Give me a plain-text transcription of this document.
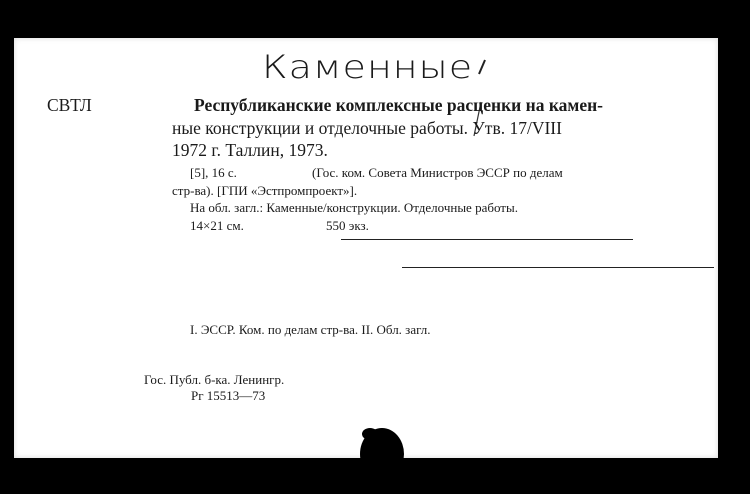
Каменные
СВТЛ	Республиканские комплексные расценки на камен-
ные конструкции и отделочные работы. Утв. 17/VIII
1972 г. Таллин, 1973.
[5], 16 с.	(Гос. ком. Совета Министров ЭССР по делам
стр-ва). [ГПИ «Эстпромпроект»].
На обл. загл.: Каменные/конструкции. Отделочные работы.
14×21 см.	550 экз.
I. ЭССР. Ком. по делам стр-ва. II. Обл. загл.
Гос. Публ. б-ка. Ленингр.
Рг 15513—73
